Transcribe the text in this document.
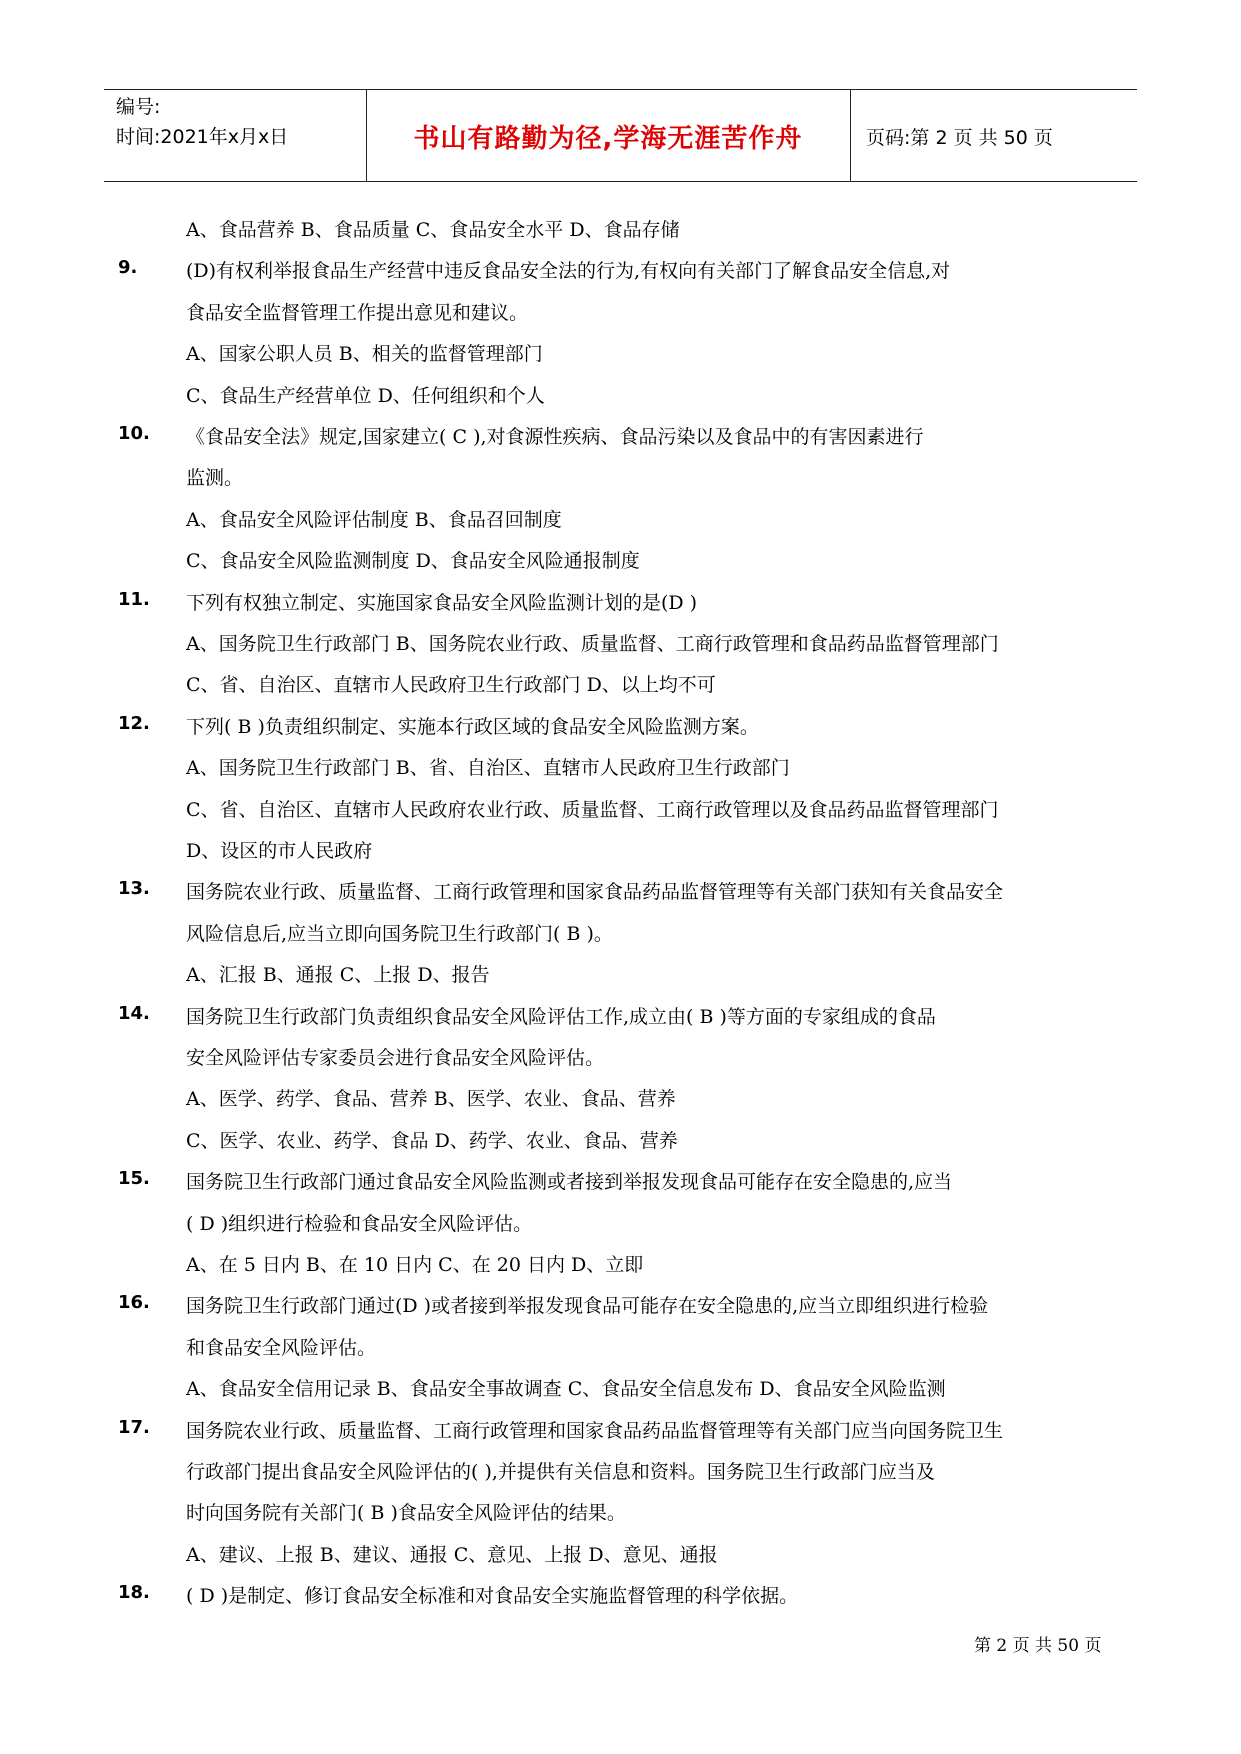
编号:
时间:2021年x月x日	书山有路勤为径,学海无涯苦作舟	页码:第 2 页 共 50 页
A、食品营养 B、食品质量 C、食品安全水平 D、食品存储
9.	(D)有权利举报食品生产经营中违反食品安全法的行为,有权向有关部门了解食品安全信息,对
食品安全监督管理工作提出意见和建议。
A、国家公职人员 B、相关的监督管理部门
C、食品生产经营单位 D、任何组织和个人
10. 《食品安全法》规定,国家建立( C ),对食源性疾病、食品污染以及食品中的有害因素进行
监测。
A、食品安全风险评估制度 B、食品召回制度
C、食品安全风险监测制度 D、食品安全风险通报制度
11. 下列有权独立制定、实施国家食品安全风险监测计划的是(D )
A、国务院卫生行政部门 B、国务院农业行政、质量监督、工商行政管理和食品药品监督管理部门
C、省、自治区、直辖市人民政府卫生行政部门 D、以上均不可
12. 下列( B )负责组织制定、实施本行政区域的食品安全风险监测方案。
A、国务院卫生行政部门 B、省、自治区、直辖市人民政府卫生行政部门
C、省、自治区、直辖市人民政府农业行政、质量监督、工商行政管理以及食品药品监督管理部门
D、设区的市人民政府
13. 国务院农业行政、质量监督、工商行政管理和国家食品药品监督管理等有关部门获知有关食品安全
风险信息后,应当立即向国务院卫生行政部门( B )。
A、汇报 B、通报 C、上报 D、报告
14. 国务院卫生行政部门负责组织食品安全风险评估工作,成立由( B )等方面的专家组成的食品
安全风险评估专家委员会进行食品安全风险评估。
A、医学、药学、食品、营养 B、医学、农业、食品、营养
C、医学、农业、药学、食品 D、药学、农业、食品、营养
15. 国务院卫生行政部门通过食品安全风险监测或者接到举报发现食品可能存在安全隐患的,应当
( D )组织进行检验和食品安全风险评估。
A、在 5 日内 B、在 10 日内 C、在 20 日内 D、立即
16. 国务院卫生行政部门通过(D )或者接到举报发现食品可能存在安全隐患的,应当立即组织进行检验
和食品安全风险评估。
A、食品安全信用记录 B、食品安全事故调查 C、食品安全信息发布 D、食品安全风险监测
17. 国务院农业行政、质量监督、工商行政管理和国家食品药品监督管理等有关部门应当向国务院卫生
行政部门提出食品安全风险评估的( ),并提供有关信息和资料。国务院卫生行政部门应当及
时向国务院有关部门( B )食品安全风险评估的结果。
A、建议、上报 B、建议、通报 C、意见、上报 D、意见、通报
18. ( D )是制定、修订食品安全标准和对食品安全实施监督管理的科学依据。
第 2 页 共 50 页
